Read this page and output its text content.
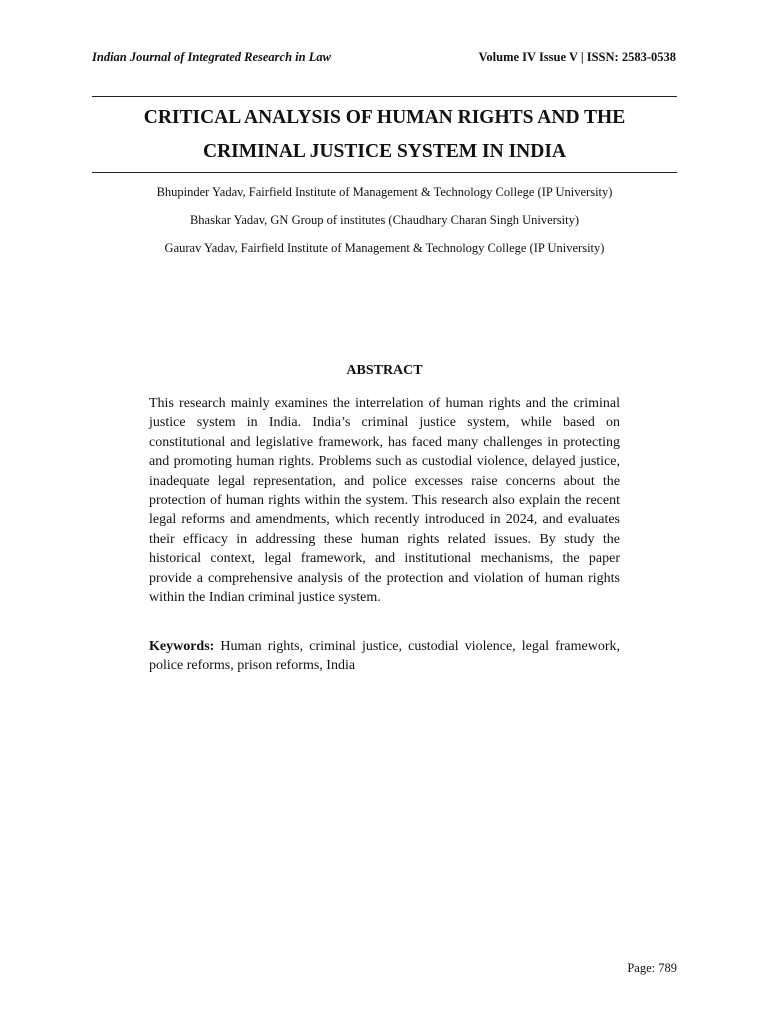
Indian Journal of Integrated Research in Law	Volume IV Issue V | ISSN: 2583-0538
CRITICAL ANALYSIS OF HUMAN RIGHTS AND THE
CRIMINAL JUSTICE SYSTEM IN INDIA
Bhupinder Yadav, Fairfield Institute of Management & Technology College (IP University)
Bhaskar Yadav, GN Group of institutes (Chaudhary Charan Singh University)
Gaurav Yadav, Fairfield Institute of Management & Technology College (IP University)
ABSTRACT

This research mainly examines the interrelation of human rights and the criminal justice system in India. India’s criminal justice system, while based on constitutional and legislative framework, has faced many challenges in protecting and promoting human rights. Problems such as custodial violence, delayed justice, inadequate legal representation, and police excesses raise concerns about the protection of human rights within the system. This research also explain the recent legal reforms and amendments, which recently introduced in 2024, and evaluates their efficacy in addressing these human rights related issues. By study the historical context, legal framework, and institutional mechanisms, the paper provide a comprehensive analysis of the protection and violation of human rights within the Indian criminal justice system.

Keywords: Human rights, criminal justice, custodial violence, legal framework, police reforms, prison reforms, India

Page: 789
